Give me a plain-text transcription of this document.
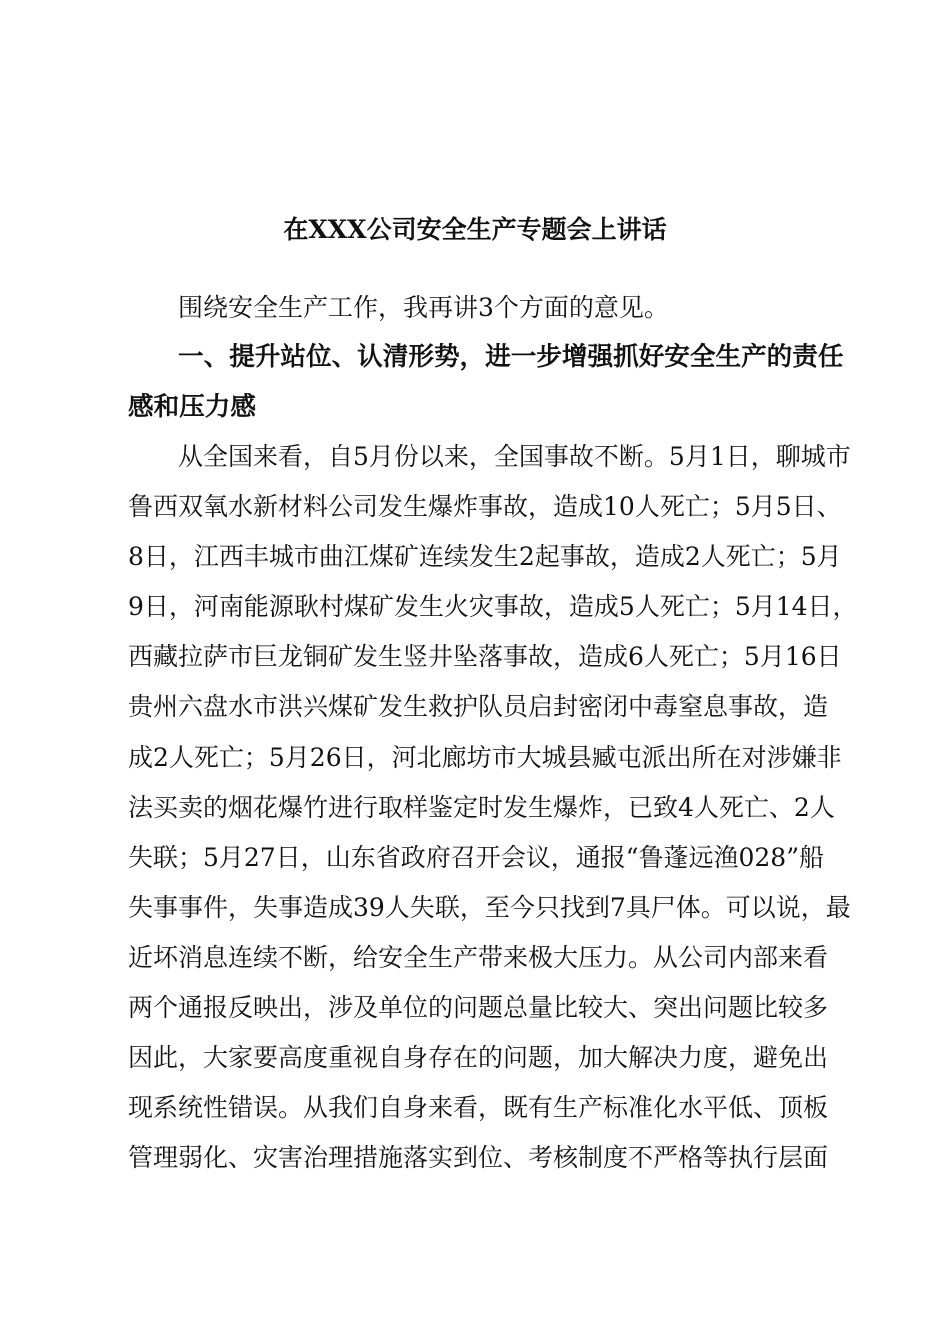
在XXX公司安全生产专题会上讲话
围绕安全生产工作，我再讲3个方面的意见。
一、提升站位、认清形势，进一步增强抓好安全生产的责任
感和压力感
从全国来看，自5月份以来，全国事故不断。5月1日，聊城市
鲁西双氧水新材料公司发生爆炸事故，造成10人死亡；5月5日、
8日，江西丰城市曲江煤矿连续发生2起事故，造成2人死亡；5月
9日，河南能源耿村煤矿发生火灾事故，造成5人死亡；5月14日，
西藏拉萨市巨龙铜矿发生竖井坠落事故，造成6人死亡；5月16日
贵州六盘水市洪兴煤矿发生救护队员启封密闭中毒窒息事故，造
成2人死亡；5月26日，河北廊坊市大城县臧屯派出所在对涉嫌非
法买卖的烟花爆竹进行取样鉴定时发生爆炸，已致4人死亡、2人
失联；5月27日，山东省政府召开会议，通报“鲁蓬远渔028”船
失事事件，失事造成39人失联，至今只找到7具尸体。可以说，最
近坏消息连续不断，给安全生产带来极大压力。从公司内部来看
两个通报反映出，涉及单位的问题总量比较大、突出问题比较多
因此，大家要高度重视自身存在的问题，加大解决力度，避免出
现系统性错误。从我们自身来看，既有生产标准化水平低、顶板
管理弱化、灾害治理措施落实到位、考核制度不严格等执行层面
